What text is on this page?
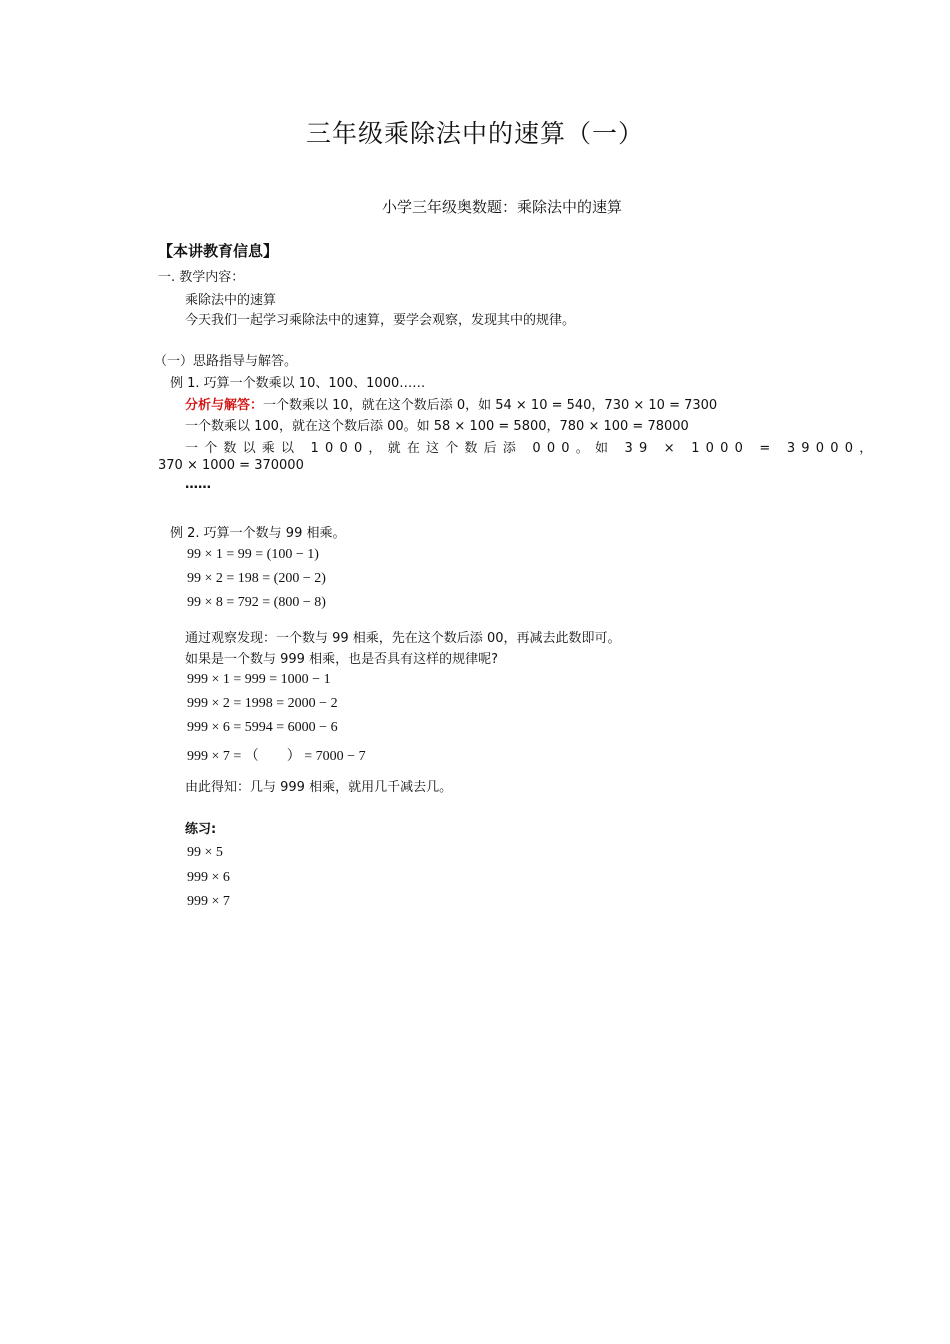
三年级乘除法中的速算（一）
小学三年级奥数题：乘除法中的速算
【本讲教育信息】
一. 教学内容：
乘除法中的速算
今天我们一起学习乘除法中的速算，要学会观察，发现其中的规律。
（一）思路指导与解答。
例 1. 巧算一个数乘以 10、100、1000……
分析与解答：一个数乘以 10，就在这个数后添 0，如 54 × 10 = 540，730 × 10 = 7300
一个数乘以 100，就在这个数后添 00。如 58 × 100 = 5800，780 × 100 = 78000
一个数以乘以 1000，就在这个数后添 000。如 39 × 1000 = 39000，
370 × 1000 = 370000
……
例 2. 巧算一个数与 99 相乘。
99 × 1 = 99 = (100 − 1)
99 × 2 = 198 = (200 − 2)
99 × 8 = 792 = (800 − 8)
通过观察发现：一个数与 99 相乘，先在这个数后添 00，再减去此数即可。
如果是一个数与 999 相乘，也是否具有这样的规律呢?
999 × 1 = 999 = 1000 − 1
999 × 2 = 1998 = 2000 − 2
999 × 6 = 5994 = 6000 − 6
999 × 7 = （　　） = 7000 − 7
由此得知：几与 999 相乘，就用几千减去几。
练习:
99 × 5
999 × 6
999 × 7
